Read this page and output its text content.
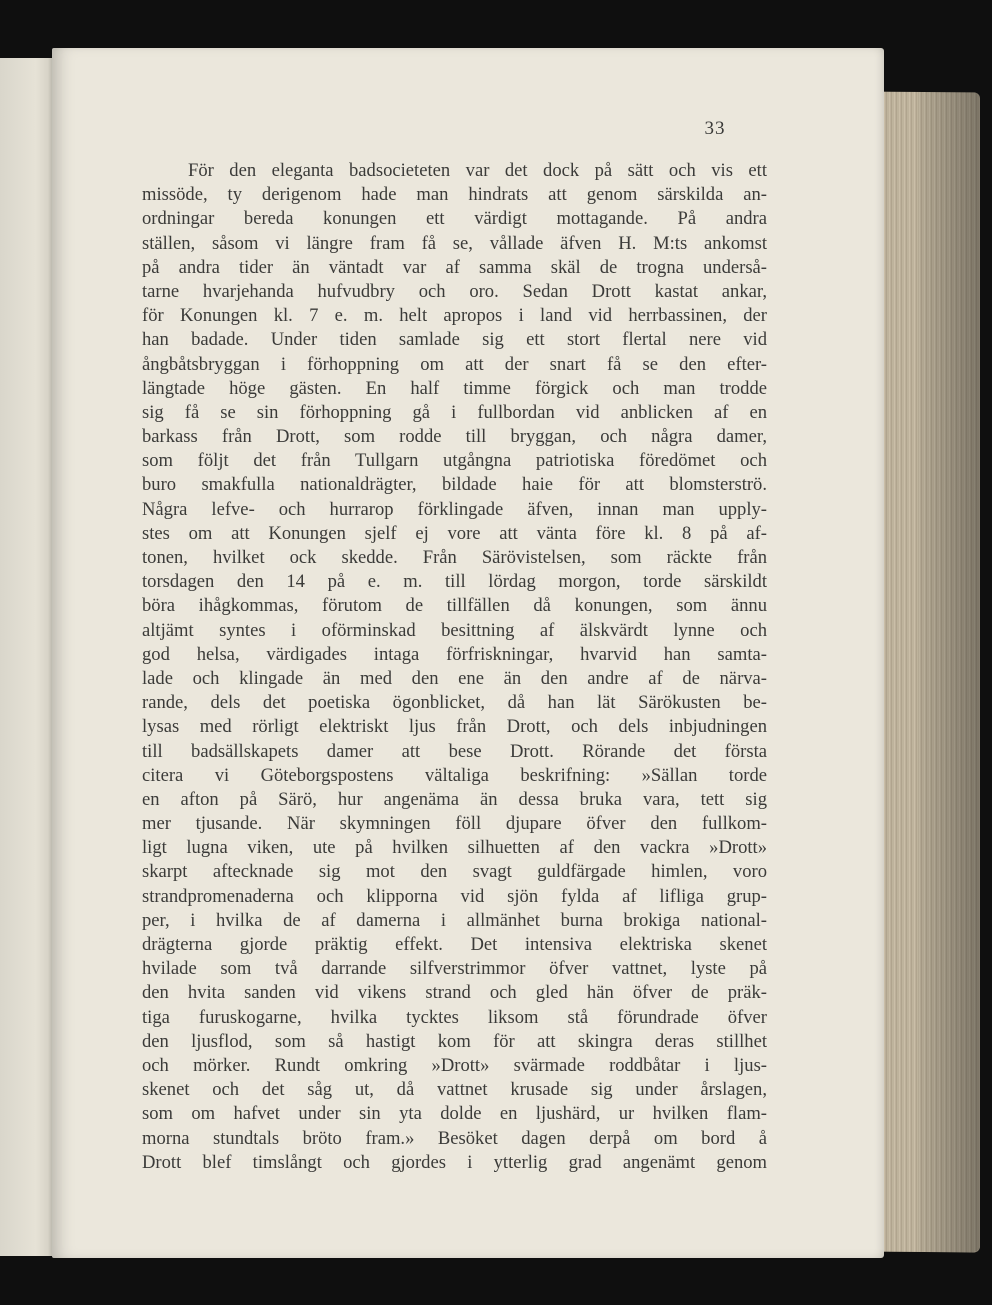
33
För den eleganta badsocieteten var det dock på sätt och vis ett
missöde, ty derigenom hade man hindrats att genom särskilda an-
ordningar bereda konungen ett värdigt mottagande. På andra
ställen, såsom vi längre fram få se, vållade äfven H. M:ts ankomst
på andra tider än väntadt var af samma skäl de trogna underså-
tarne hvarjehanda hufvudbry och oro. Sedan Drott kastat ankar,
för Konungen kl. 7 e. m. helt apropos i land vid herrbassinen, der
han badade. Under tiden samlade sig ett stort flertal nere vid
ångbåtsbryggan i förhoppning om att der snart få se den efter-
längtade höge gästen. En half timme förgick och man trodde
sig få se sin förhoppning gå i fullbordan vid anblicken af en
barkass från Drott, som rodde till bryggan, och några damer,
som följt det från Tullgarn utgångna patriotiska föredömet och
buro smakfulla nationaldrägter, bildade haie för att blomsterströ.
Några lefve- och hurrarop förklingade äfven, innan man upply-
stes om att Konungen sjelf ej vore att vänta före kl. 8 på af-
tonen, hvilket ock skedde. Från Särövistelsen, som räckte från
torsdagen den 14 på e. m. till lördag morgon, torde särskildt
böra ihågkommas, förutom de tillfällen då konungen, som ännu
altjämt syntes i oförminskad besittning af älskvärdt lynne och
god helsa, värdigades intaga förfriskningar, hvarvid han samta-
lade och klingade än med den ene än den andre af de närva-
rande, dels det poetiska ögonblicket, då han lät Särökusten be-
lysas med rörligt elektriskt ljus från Drott, och dels inbjudningen
till badsällskapets damer att bese Drott. Rörande det första
citera vi Göteborgspostens vältaliga beskrifning: »Sällan torde
en afton på Särö, hur angenäma än dessa bruka vara, tett sig
mer tjusande. När skymningen föll djupare öfver den fullkom-
ligt lugna viken, ute på hvilken silhuetten af den vackra »Drott»
skarpt aftecknade sig mot den svagt guldfärgade himlen, voro
strandpromenaderna och klipporna vid sjön fylda af lifliga grup-
per, i hvilka de af damerna i allmänhet burna brokiga national-
drägterna gjorde präktig effekt. Det intensiva elektriska skenet
hvilade som två darrande silfverstrimmor öfver vattnet, lyste på
den hvita sanden vid vikens strand och gled hän öfver de präk-
tiga furuskogarne, hvilka tycktes liksom stå förundrade öfver
den ljusflod, som så hastigt kom för att skingra deras stillhet
och mörker. Rundt omkring »Drott» svärmade roddbåtar i ljus-
skenet och det såg ut, då vattnet krusade sig under årslagen,
som om hafvet under sin yta dolde en ljushärd, ur hvilken flam-
morna stundtals bröto fram.» Besöket dagen derpå om bord å
Drott blef timslångt och gjordes i ytterlig grad angenämt genom
